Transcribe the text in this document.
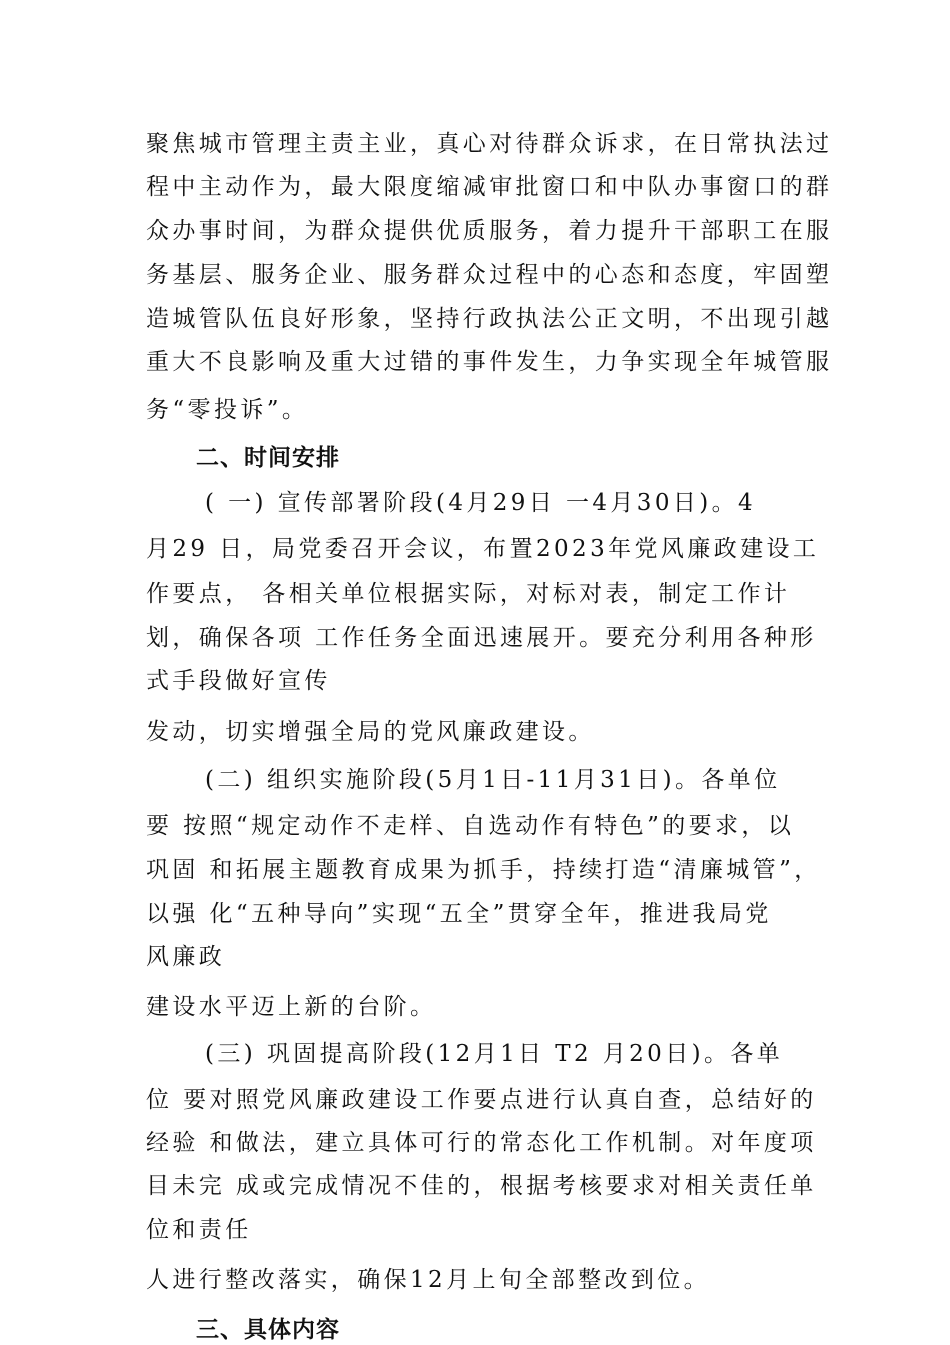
聚焦城市管理主责主业，真心对待群众诉求，在日常执法过
程中主动作为，最大限度缩减审批窗口和中队办事窗口的群
众办事时间，为群众提供优质服务，着力提升干部职工在服
务基层、服务企业、服务群众过程中的心态和态度，牢固塑
造城管队伍良好形象，坚持行政执法公正文明，不出现引越
重大不良影响及重大过错的事件发生，力争实现全年城管服
务“零投诉”。
二、时间安排
( 一) 宣传部署阶段(4月29日 一4月30日)。4
月29 日，局党委召开会议，布置2023年党风廉政建设工
作要点， 各相关单位根据实际，对标对表，制定工作计
划，确保各项 工作任务全面迅速展开。要充分利用各种形
式手段做好宣传
发动，切实增强全局的党风廉政建设。
(二) 组织实施阶段(5月1日-11月31日)。各单位
要 按照“规定动作不走样、自选动作有特色”的要求，以
巩固 和拓展主题教育成果为抓手，持续打造“清廉城管”，
以强 化“五种导向”实现“五全”贯穿全年，推进我局党
风廉政
建设水平迈上新的台阶。
(三) 巩固提高阶段(12月1日 T2 月20日)。各单
位 要对照党风廉政建设工作要点进行认真自查，总结好的
经验 和做法，建立具体可行的常态化工作机制。对年度项
目未完 成或完成情况不佳的，根据考核要求对相关责任单
位和责任
人进行整改落实，确保12月上旬全部整改到位。
三、具体内容
